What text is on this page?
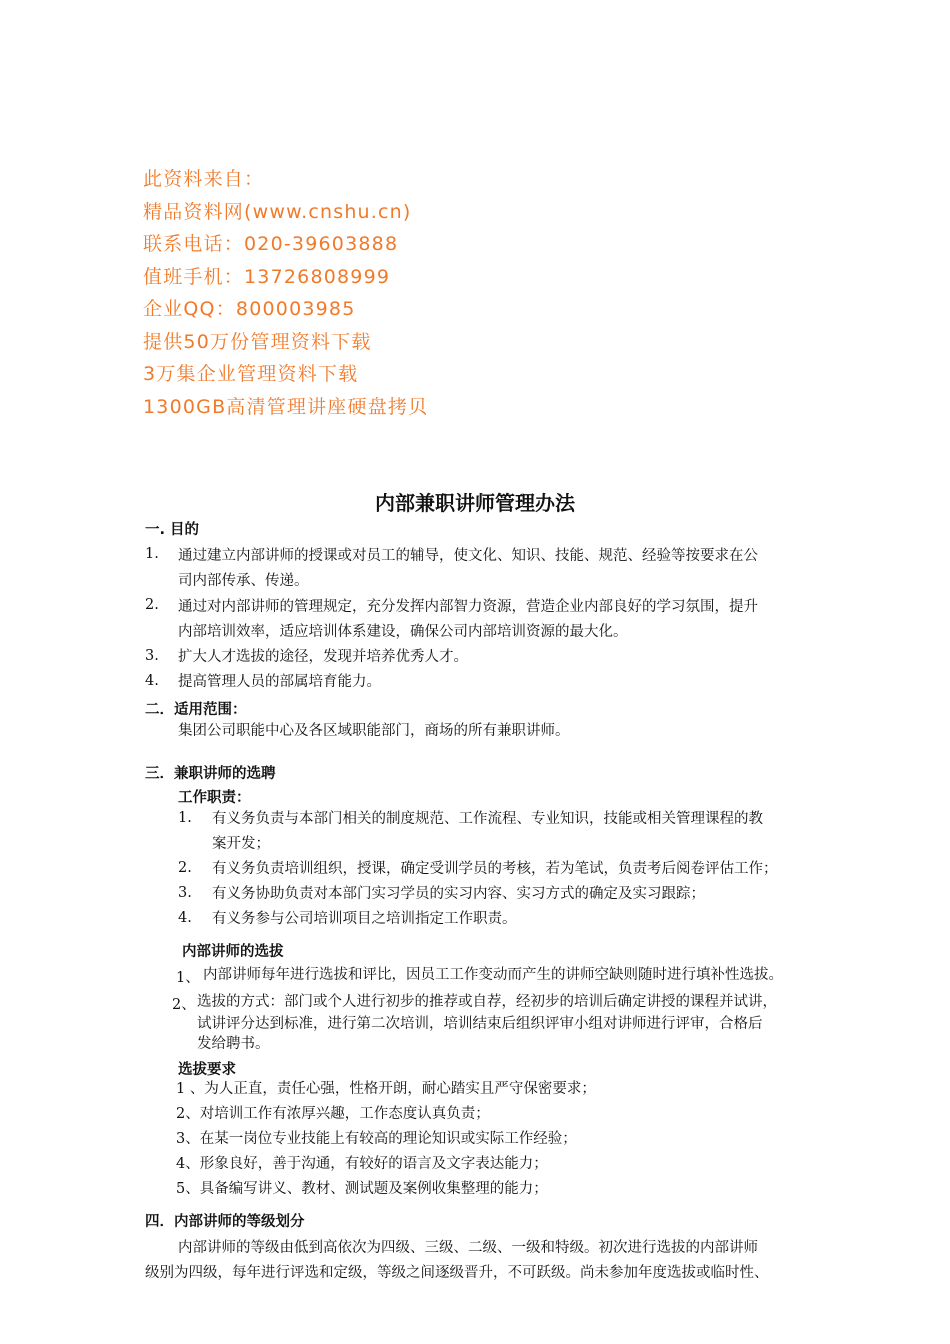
此资料来自：
精品资料网(www.cnshu.cn)
联系电话：020-39603888
值班手机：13726808999
企业QQ：800003985
提供50万份管理资料下载
3万集企业管理资料下载
1300GB高清管理讲座硬盘拷贝
内部兼职讲师管理办法
一. 目的
1. 通过建立内部讲师的授课或对员工的辅导，使文化、知识、技能、规范、经验等按要求在公
司内部传承、传递。
2. 通过对内部讲师的管理规定，充分发挥内部智力资源，营造企业内部良好的学习氛围，提升
内部培训效率，适应培训体系建设，确保公司内部培训资源的最大化。
3. 扩大人才选拔的途径，发现并培养优秀人才。
4. 提高管理人员的部属培育能力。
二．适用范围：
集团公司职能中心及各区域职能部门，商场的所有兼职讲师。
三．兼职讲师的选聘
工作职责：
1. 有义务负责与本部门相关的制度规范、工作流程、专业知识，技能或相关管理课程的教
案开发；
2. 有义务负责培训组织，授课，确定受训学员的考核，若为笔试，负责考后阅卷评估工作；
3. 有义务协助负责对本部门实习学员的实习内容、实习方式的确定及实习跟踪；
4. 有义务参与公司培训项目之培训指定工作职责。
内部讲师的选拔
1、 内部讲师每年进行选拔和评比，因员工工作变动而产生的讲师空缺则随时进行填补性选拔。
2、 选拔的方式：部门或个人进行初步的推荐或自荐，经初步的培训后确定讲授的课程并试讲，
试讲评分达到标准，进行第二次培训，培训结束后组织评审小组对讲师进行评审，合格后
发给聘书。
选拔要求
1 、为人正直，责任心强，性格开朗，耐心踏实且严守保密要求；
2、对培训工作有浓厚兴趣，工作态度认真负责；
3、在某一岗位专业技能上有较高的理论知识或实际工作经验；
4、形象良好，善于沟通，有较好的语言及文字表达能力；
5、具备编写讲义、教材、测试题及案例收集整理的能力；
四．内部讲师的等级划分
内部讲师的等级由低到高依次为四级、三级、二级、一级和特级。初次进行选拔的内部讲师
级别为四级，每年进行评选和定级，等级之间逐级晋升，不可跃级。尚未参加年度选拔或临时性、
